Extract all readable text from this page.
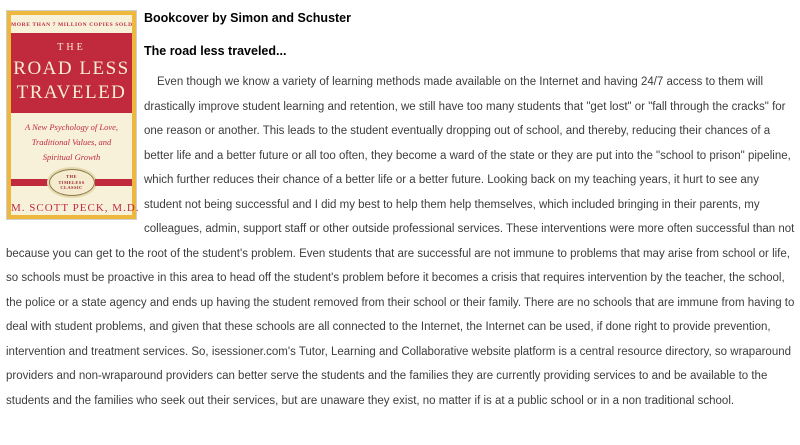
MORE THAN 7 MILLION COPIES SOLD
THE
ROAD LESS
TRAVELED
A New Psychology of Love,
Traditional Values, and
Spiritual Growth
THE
TIMELESS
CLASSIC
M. SCOTT PECK, M.D.
Bookcover by Simon and Schuster
The road less traveled...

Even though we know a variety of learning methods made available on the Internet and having 24/7 access to them will drastically improve student learning and retention, we still have too many students that "get lost" or "fall through the cracks" for one reason or another. This leads to the student eventually dropping out of school, and thereby, reducing their chances of a better life and a better future or all too often, they become a ward of the state or they are put into the "school to prison" pipeline, which further reduces their chance of a better life or a better future. Looking back on my teaching years, it hurt to see any student not being successful and I did my best to help them help themselves, which included bringing in their parents, my colleagues, admin, support staff or other outside professional services. These interventions were more often successful than not because you can get to the root of the student's problem. Even students that are successful are not immune to problems that may arise from school or life, so schools must be proactive in this area to head off the student's problem before it becomes a crisis that requires intervention by the teacher, the school, the police or a state agency and ends up having the student removed from their school or their family. There are no schools that are immune from having to deal with student problems, and given that these schools are all connected to the Internet, the Internet can be used, if done right to provide prevention, intervention and treatment services. So, isessioner.com's Tutor, Learning and Collaborative website platform is a central resource directory, so wraparound providers and non-wraparound providers can better serve the students and the families they are currently providing services to and be available to the students and the families who seek out their services, but are unaware they exist, no matter if is at a public school or in a non traditional school.
